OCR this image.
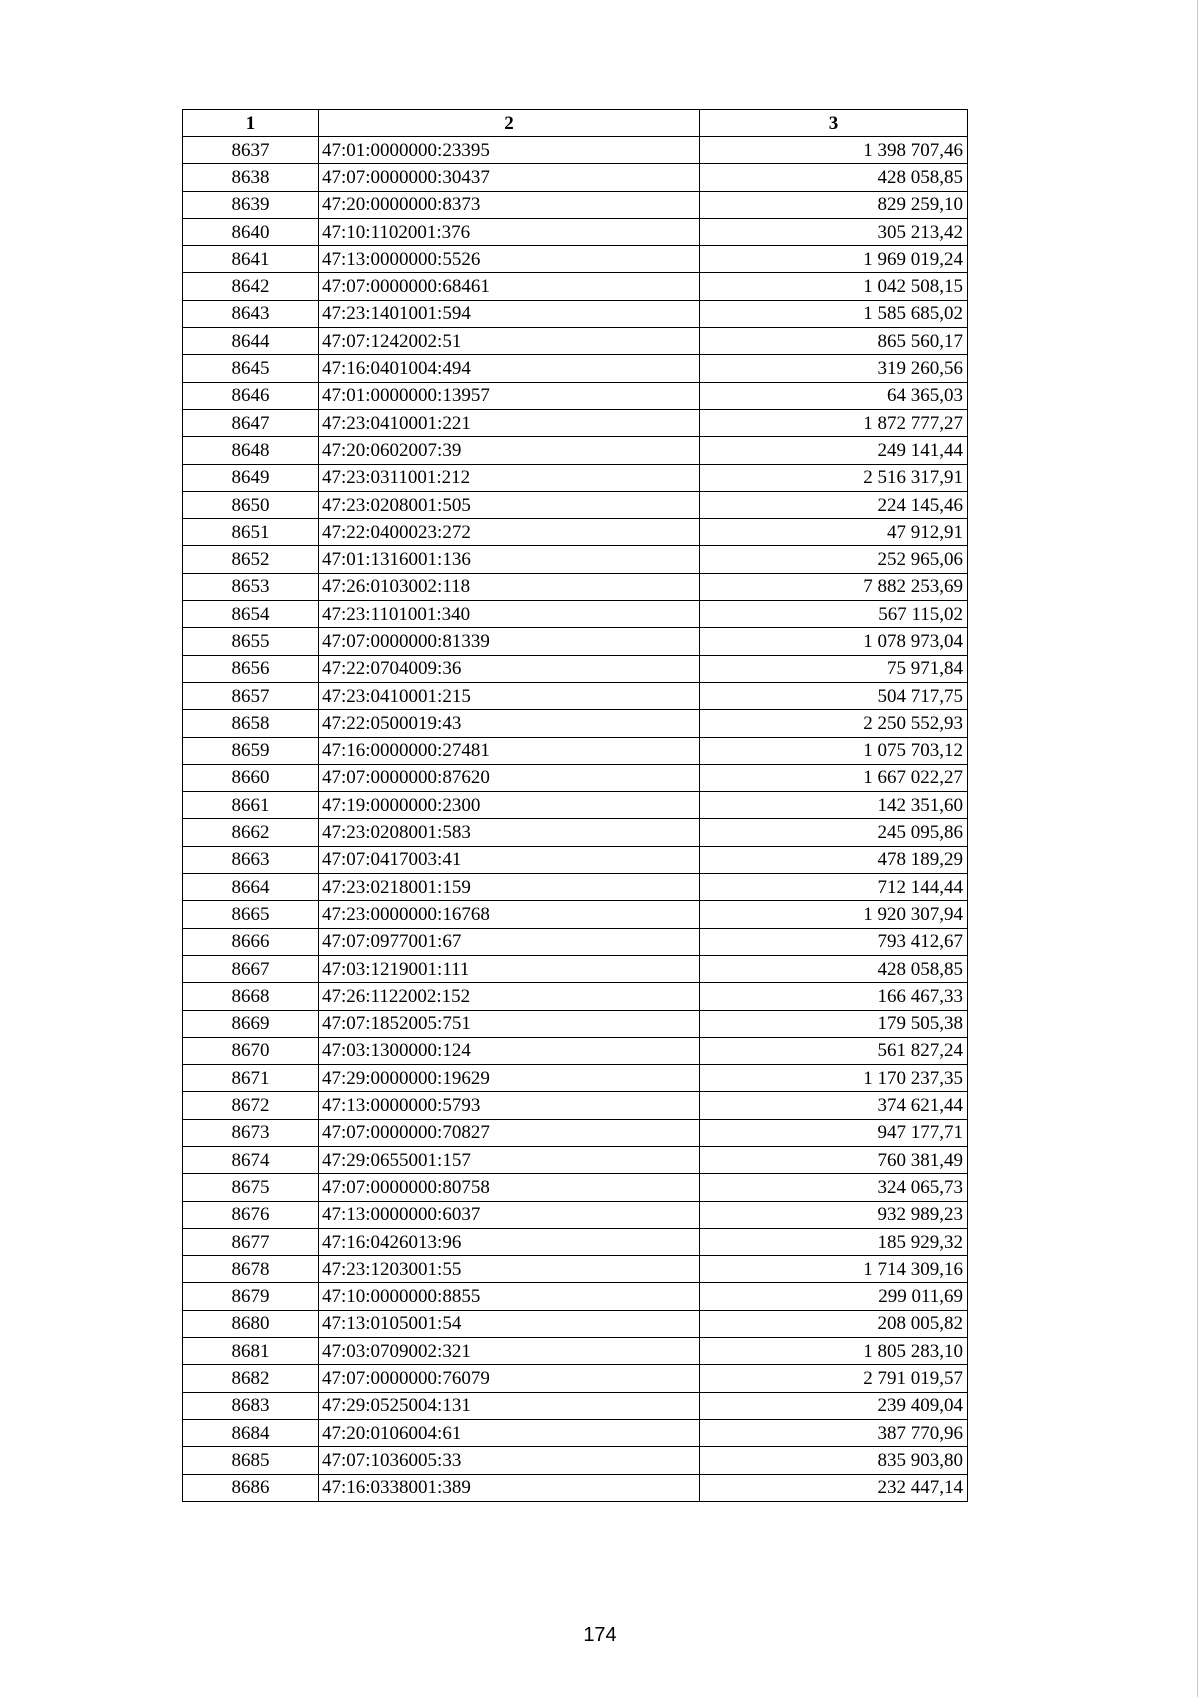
1	2	3
8637	47:01:0000000:23395	1 398 707,46
8638	47:07:0000000:30437	428 058,85
8639	47:20:0000000:8373	829 259,10
8640	47:10:1102001:376	305 213,42
8641	47:13:0000000:5526	1 969 019,24
8642	47:07:0000000:68461	1 042 508,15
8643	47:23:1401001:594	1 585 685,02
8644	47:07:1242002:51	865 560,17
8645	47:16:0401004:494	319 260,56
8646	47:01:0000000:13957	64 365,03
8647	47:23:0410001:221	1 872 777,27
8648	47:20:0602007:39	249 141,44
8649	47:23:0311001:212	2 516 317,91
8650	47:23:0208001:505	224 145,46
8651	47:22:0400023:272	47 912,91
8652	47:01:1316001:136	252 965,06
8653	47:26:0103002:118	7 882 253,69
8654	47:23:1101001:340	567 115,02
8655	47:07:0000000:81339	1 078 973,04
8656	47:22:0704009:36	75 971,84
8657	47:23:0410001:215	504 717,75
8658	47:22:0500019:43	2 250 552,93
8659	47:16:0000000:27481	1 075 703,12
8660	47:07:0000000:87620	1 667 022,27
8661	47:19:0000000:2300	142 351,60
8662	47:23:0208001:583	245 095,86
8663	47:07:0417003:41	478 189,29
8664	47:23:0218001:159	712 144,44
8665	47:23:0000000:16768	1 920 307,94
8666	47:07:0977001:67	793 412,67
8667	47:03:1219001:111	428 058,85
8668	47:26:1122002:152	166 467,33
8669	47:07:1852005:751	179 505,38
8670	47:03:1300000:124	561 827,24
8671	47:29:0000000:19629	1 170 237,35
8672	47:13:0000000:5793	374 621,44
8673	47:07:0000000:70827	947 177,71
8674	47:29:0655001:157	760 381,49
8675	47:07:0000000:80758	324 065,73
8676	47:13:0000000:6037	932 989,23
8677	47:16:0426013:96	185 929,32
8678	47:23:1203001:55	1 714 309,16
8679	47:10:0000000:8855	299 011,69
8680	47:13:0105001:54	208 005,82
8681	47:03:0709002:321	1 805 283,10
8682	47:07:0000000:76079	2 791 019,57
8683	47:29:0525004:131	239 409,04
8684	47:20:0106004:61	387 770,96
8685	47:07:1036005:33	835 903,80
8686	47:16:0338001:389	232 447,14
174
